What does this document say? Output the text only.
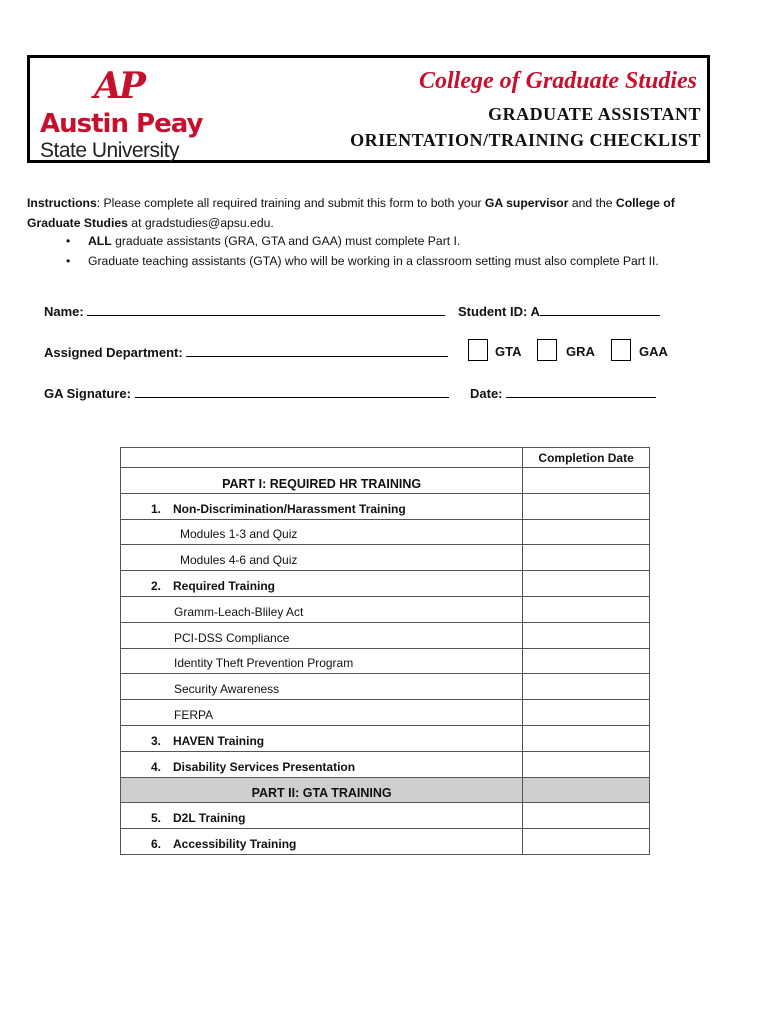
AP
Austin Peay
State University
College of Graduate Studies
GRADUATE ASSISTANT
ORIENTATION/TRAINING CHECKLIST
Instructions: Please complete all required training and submit this form to both your GA supervisor and the College of Graduate Studies at gradstudies@apsu.edu.
• ALL graduate assistants (GRA, GTA and GAA) must complete Part I.
• Graduate teaching assistants (GTA) who will be working in a classroom setting must also complete Part II.
Name:	Student ID: A
Assigned Department:	GTA	GRA	GAA
GA Signature:	Date:
	Completion Date
PART I: REQUIRED HR TRAINING	
1. Non-Discrimination/Harassment Training	
Modules 1-3 and Quiz	
Modules 4-6 and Quiz	
2. Required Training	
Gramm-Leach-Bliley Act	
PCI-DSS Compliance	
Identity Theft Prevention Program	
Security Awareness	
FERPA	
3. HAVEN Training	
4. Disability Services Presentation	
PART II: GTA TRAINING	
5. D2L Training	
6. Accessibility Training	
